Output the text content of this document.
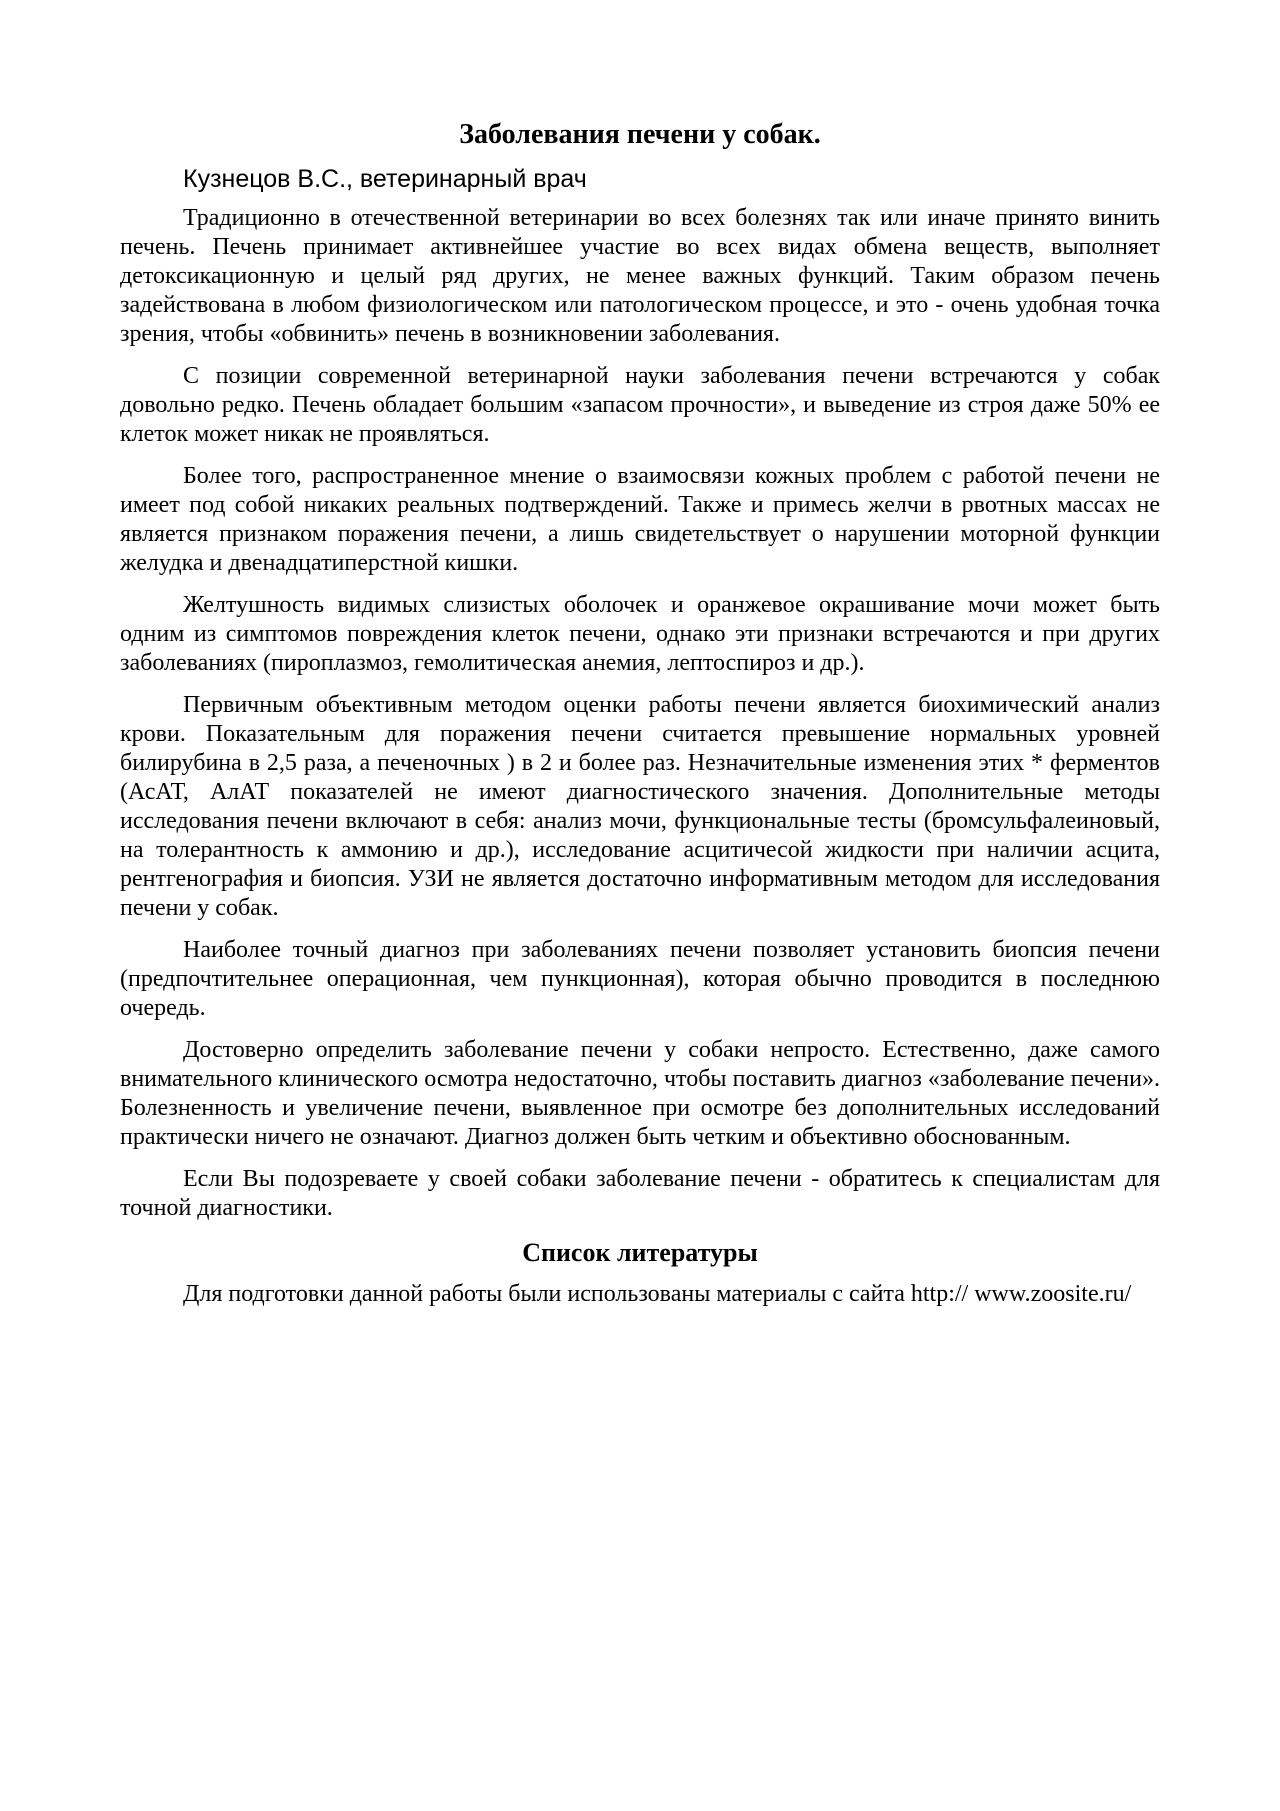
Заболевания печени у собак.
Кузнецов В.С., ветеринарный врач

Традиционно в отечественной ветеринарии во всех болезнях так или иначе принято винить печень. Печень принимает активнейшее участие во всех видах обмена веществ, выполняет детоксикационную и целый ряд других, не менее важных функций. Таким образом печень задействована в любом физиологическом или патологическом процессе, и это - очень удобная точка зрения, чтобы «обвинить» печень в возникновении заболевания.

С позиции современной ветеринарной науки заболевания печени встречаются у собак довольно редко. Печень обладает большим «запасом прочности», и выведение из строя даже 50% ее клеток может никак не проявляться.

Более того, распространенное мнение о взаимосвязи кожных проблем с работой печени не имеет под собой никаких реальных подтверждений. Также и примесь желчи в рвотных массах не является признаком поражения печени, а лишь свидетельствует о нарушении моторной функции желудка и двенадцатиперстной кишки.

Желтушность видимых слизистых оболочек и оранжевое окрашивание мочи может быть одним из симптомов повреждения клеток печени, однако эти признаки встречаются и при других заболеваниях (пироплазмоз, гемолитическая анемия, лептоспироз и др.).

Первичным объективным методом оценки работы печени является биохимический анализ крови. Показательным для поражения печени считается превышение нормальных уровней билирубина в 2,5 раза, а печеночных ) в 2 и более раз. Незначительные изменения этих * ферментов (АсАТ, АлАТ показателей не имеют диагностического значения. Дополнительные методы исследования печени включают в себя: анализ мочи, функциональные тесты (бромсульфалеиновый, на толерантность к аммонию и др.), исследование асцитичесой жидкости при наличии асцита, рентгенография и биопсия. УЗИ не является достаточно информативным методом для исследования печени у собак.

Наиболее точный диагноз при заболеваниях печени позволяет установить биопсия печени (предпочтительнее операционная, чем пункционная), которая обычно проводится в последнюю очередь.

Достоверно определить заболевание печени у собаки непросто. Естественно, даже самого внимательного клинического осмотра недостаточно, чтобы поставить диагноз «заболевание печени». Болезненность и увеличение печени, выявленное при осмотре без дополнительных исследований практически ничего не означают. Диагноз должен быть четким и объективно обоснованным.

Если Вы подозреваете у своей собаки заболевание печени - обратитесь к специалистам для точной диагностики.

Список литературы

Для подготовки данной работы были использованы материалы с сайта http:// www.zoosite.ru/
